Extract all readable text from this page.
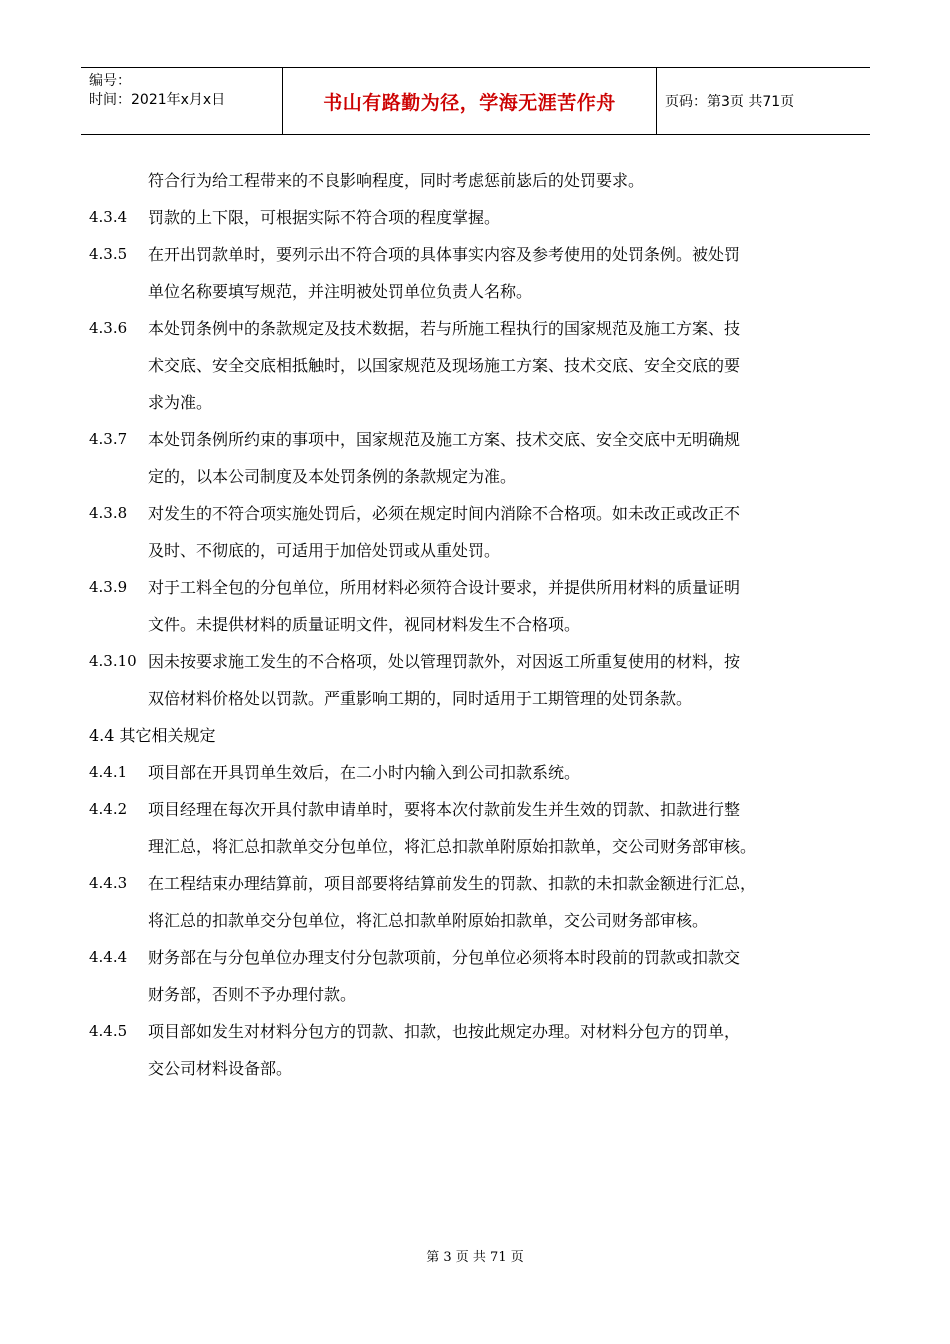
编号：
时间：2021年x月x日	书山有路勤为径，学海无涯苦作舟	页码：第3页 共71页
符合行为给工程带来的不良影响程度，同时考虑惩前毖后的处罚要求。
4.3.4	罚款的上下限，可根据实际不符合项的程度掌握。
4.3.5	在开出罚款单时，要列示出不符合项的具体事实内容及参考使用的处罚条例。被处罚
单位名称要填写规范，并注明被处罚单位负责人名称。
4.3.6	本处罚条例中的条款规定及技术数据，若与所施工程执行的国家规范及施工方案、技
术交底、安全交底相抵触时，以国家规范及现场施工方案、技术交底、安全交底的要
求为准。
4.3.7	本处罚条例所约束的事项中，国家规范及施工方案、技术交底、安全交底中无明确规
定的，以本公司制度及本处罚条例的条款规定为准。
4.3.8	对发生的不符合项实施处罚后，必须在规定时间内消除不合格项。如未改正或改正不
及时、不彻底的，可适用于加倍处罚或从重处罚。
4.3.9	对于工料全包的分包单位，所用材料必须符合设计要求，并提供所用材料的质量证明
文件。未提供材料的质量证明文件，视同材料发生不合格项。
4.3.10 因未按要求施工发生的不合格项，处以管理罚款外，对因返工所重复使用的材料，按
双倍材料价格处以罚款。严重影响工期的，同时适用于工期管理的处罚条款。
4.4 其它相关规定
4.4.1	项目部在开具罚单生效后，在二小时内输入到公司扣款系统。
4.4.2	项目经理在每次开具付款申请单时，要将本次付款前发生并生效的罚款、扣款进行整
理汇总，将汇总扣款单交分包单位，将汇总扣款单附原始扣款单，交公司财务部审核。
4.4.3	在工程结束办理结算前，项目部要将结算前发生的罚款、扣款的未扣款金额进行汇总，
将汇总的扣款单交分包单位，将汇总扣款单附原始扣款单，交公司财务部审核。
4.4.4	财务部在与分包单位办理支付分包款项前，分包单位必须将本时段前的罚款或扣款交
财务部，否则不予办理付款。
4.4.5	项目部如发生对材料分包方的罚款、扣款，也按此规定办理。对材料分包方的罚单，
交公司材料设备部。
第 3 页 共 71 页
